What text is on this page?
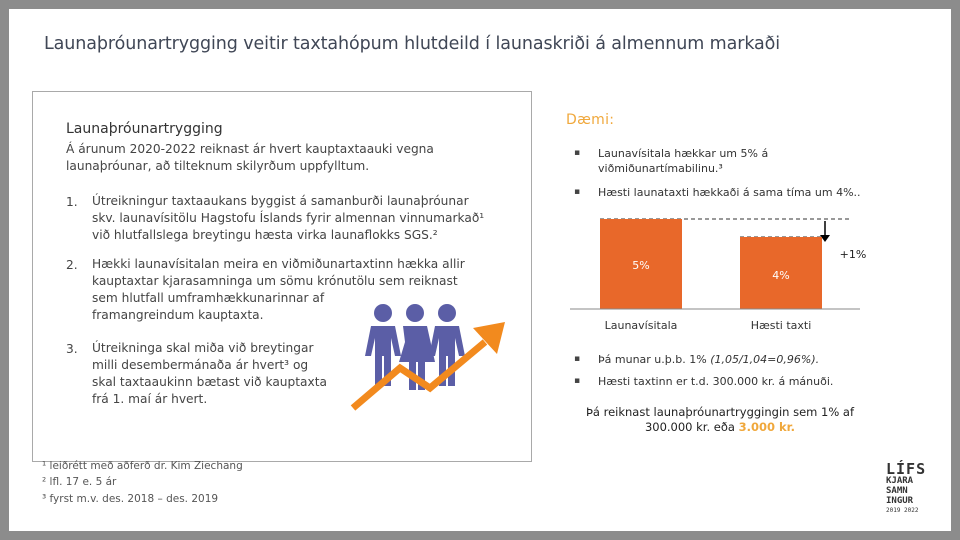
Launaþróunartrygging veitir taxtahópum hlutdeild í launaskriði á almennum markaði
Launaþróunartrygging
Á árunum 2020-2022 reiknast ár hvert kauptaxtaauki vegna
launaþróunar, að tilteknum skilyrðum uppfylltum.
1. Útreikningur taxtaaukans byggist á samanburði launaþróunar
skv. launavísitölu Hagstofu Íslands fyrir almennan vinnumarkað¹
við hlutfallslega breytingu hæsta virka launaflokks SGS.²
2. Hækki launavísitalan meira en viðmiðunartaxtinn hækka allir
kauptaxtar kjarasamninga um sömu krónutölu sem reiknast
sem hlutfall umframhækkunarinnar af
framangreindum kauptaxta.
3. Útreikninga skal miða við breytingar
milli desembermánaða ár hvert³ og
skal taxtaaukinn bætast við kauptaxta
frá 1. maí ár hvert.
¹ leiðrétt með aðferð dr. Kim Ziechang
² lfl. 17 e. 5 ár
³ fyrst m.v. des. 2018 – des. 2019
Dæmi:
▪ Launavísitala hækkar um 5% á
viðmiðunartímabilinu.³
▪ Hæsti launataxti hækkaði á sama tíma um 4%..
5%
4%
Launavísitala	Hæsti taxti
+1%
▪ Þá munar u.þ.b. 1% (1,05/1,04=0,96%).
▪ Hæsti taxtinn er t.d. 300.000 kr. á mánuði.
Þá reiknast launaþróunartryggingin sem 1% af
300.000 kr. eða 3.000 kr.
LÍFS
KJARA
SAMN
INGUR
2019 2022
